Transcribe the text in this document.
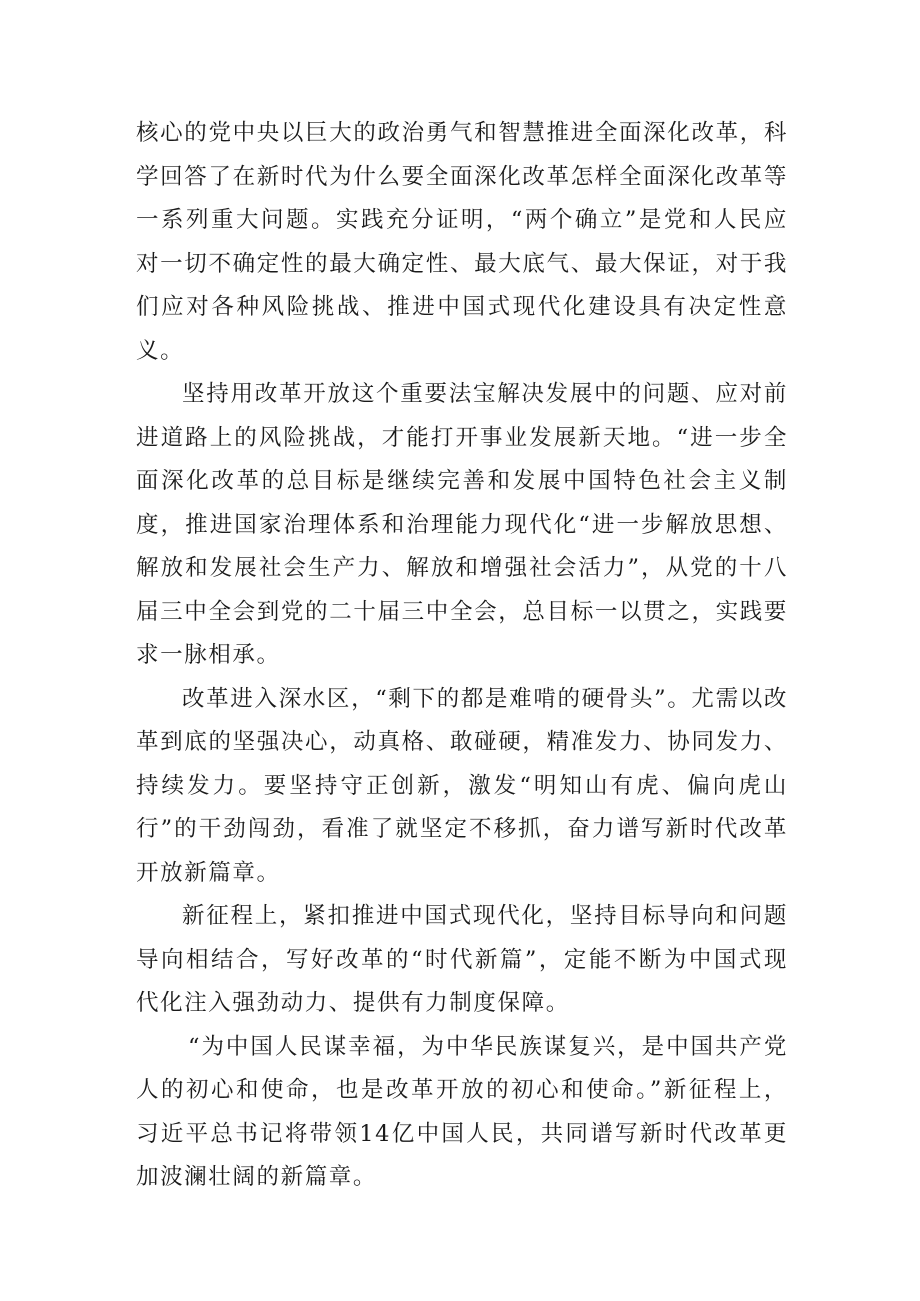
核心的党中央以巨大的政治勇气和智慧推进全面深化改革，科学回答了在新时代为什么要全面深化改革怎样全面深化改革等一系列重大问题。实践充分证明，“两个确立”是党和人民应对一切不确定性的最大确定性、最大底气、最大保证，对于我们应对各种风险挑战、推进中国式现代化建设具有决定性意义。

坚持用改革开放这个重要法宝解决发展中的问题、应对前进道路上的风险挑战，才能打开事业发展新天地。“进一步全面深化改革的总目标是继续完善和发展中国特色社会主义制度，推进国家治理体系和治理能力现代化“进一步解放思想、解放和发展社会生产力、解放和增强社会活力”，从党的十八届三中全会到党的二十届三中全会，总目标一以贯之，实践要求一脉相承。

改革进入深水区，“剩下的都是难啃的硬骨头”。尤需以改革到底的坚强决心，动真格、敢碰硬，精准发力、协同发力、持续发力。要坚持守正创新，激发“明知山有虎、偏向虎山行”的干劲闯劲，看准了就坚定不移抓，奋力谱写新时代改革开放新篇章。

新征程上，紧扣推进中国式现代化，坚持目标导向和问题导向相结合，写好改革的“时代新篇”，定能不断为中国式现代化注入强劲动力、提供有力制度保障。

“为中国人民谋幸福，为中华民族谋复兴，是中国共产党人的初心和使命，也是改革开放的初心和使命。”新征程上，习近平总书记将带领14亿中国人民，共同谱写新时代改革更加波澜壮阔的新篇章。
